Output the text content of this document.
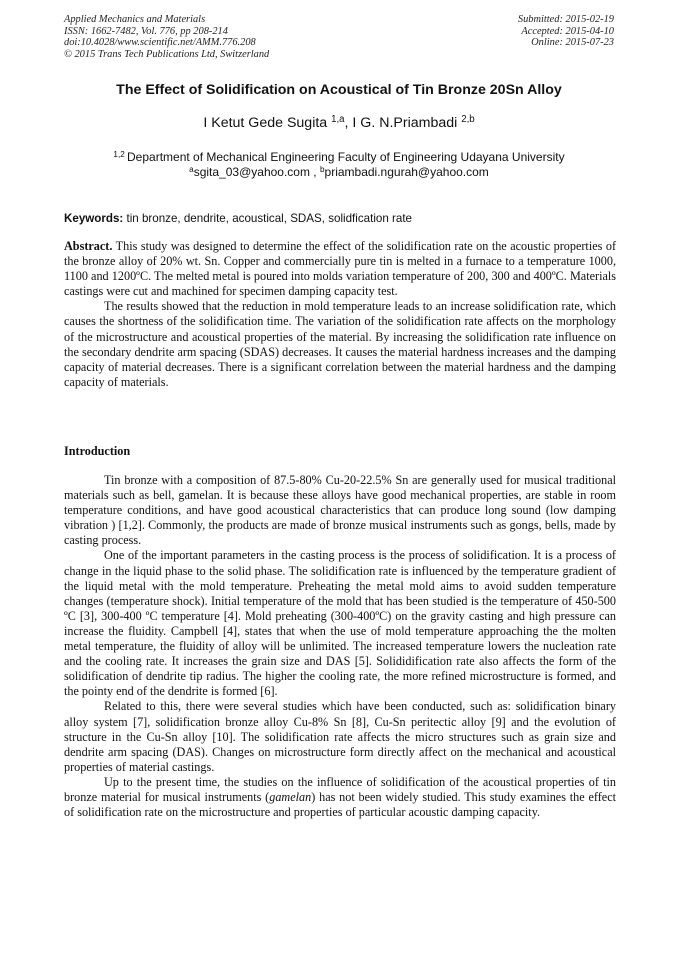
Applied Mechanics and Materials
ISSN: 1662-7482, Vol. 776, pp 208-214
doi:10.4028/www.scientific.net/AMM.776.208
© 2015 Trans Tech Publications Ltd, Switzerland
Submitted: 2015-02-19
Accepted: 2015-04-10
Online: 2015-07-23
The Effect of Solidification on Acoustical of Tin Bronze 20Sn Alloy
I Ketut Gede Sugita $^{1,a}$, I G. N.Priambadi $^{2,b}$
$^{1,2}$ Department of Mechanical Engineering Faculty of Engineering Udayana University
$^a$sgita_03@yahoo.com , $^b$priambadi.ngurah@yahoo.com
Keywords: tin bronze, dendrite, acoustical, SDAS, solidfication rate

Abstract. This study was designed to determine the effect of the solidification rate on the acoustic properties of the bronze alloy of 20% wt. Sn. Copper and commercially pure tin is melted in a furnace to a temperature 1000, 1100 and 1200ºC. The melted metal is poured into molds variation temperature of 200, 300 and 400ºC. Materials castings were cut and machined for specimen damping capacity test.

The results showed that the reduction in mold temperature leads to an increase solidification rate, which causes the shortness of the solidification time. The variation of the solidification rate affects on the morphology of the microstructure and acoustical properties of the material. By increasing the solidification rate influence on the secondary dendrite arm spacing (SDAS) decreases. It causes the material hardness increases and the damping capacity of material decreases. There is a significant correlation between the material hardness and the damping capacity of materials.

Introduction

Tin bronze with a composition of 87.5-80% Cu-20-22.5% Sn are generally used for musical traditional materials such as bell, gamelan. It is because these alloys have good mechanical properties, are stable in room temperature conditions, and have good acoustical characteristics that can produce long sound (low damping vibration ) [1,2]. Commonly, the products are made of bronze musical instruments such as gongs, bells, made by casting process.

One of the important parameters in the casting process is the process of solidification. It is a process of change in the liquid phase to the solid phase. The solidification rate is influenced by the temperature gradient of the liquid metal with the mold temperature. Preheating the metal mold aims to avoid sudden temperature changes (temperature shock). Initial temperature of the mold that has been studied is the temperature of 450-500 ºC [3], 300-400 ºC temperature [4]. Mold preheating (300-400ºC) on the gravity casting and high pressure can increase the fluidity. Campbell [4], states that when the use of mold temperature approaching the the molten metal temperature, the fluidity of alloy will be unlimited. The increased temperature lowers the nucleation rate and the cooling rate. It increases the grain size and DAS [5]. Solididification rate also affects the form of the solidification of dendrite tip radius. The higher the cooling rate, the more refined microstructure is formed, and the pointy end of the dendrite is formed [6].

Related to this, there were several studies which have been conducted, such as: solidification binary alloy system [7], solidification bronze alloy Cu-8% Sn [8], Cu-Sn peritectic alloy [9] and the evolution of structure in the Cu-Sn alloy [10]. The solidification rate affects the micro structures such as grain size and dendrite arm spacing (DAS). Changes on microstructure form directly affect on the mechanical and acoustical properties of material castings.

Up to the present time, the studies on the influence of solidification of the acoustical properties of tin bronze material for musical instruments (gamelan) has not been widely studied. This study examines the effect of solidification rate on the microstructure and properties of particular acoustic damping capacity.
